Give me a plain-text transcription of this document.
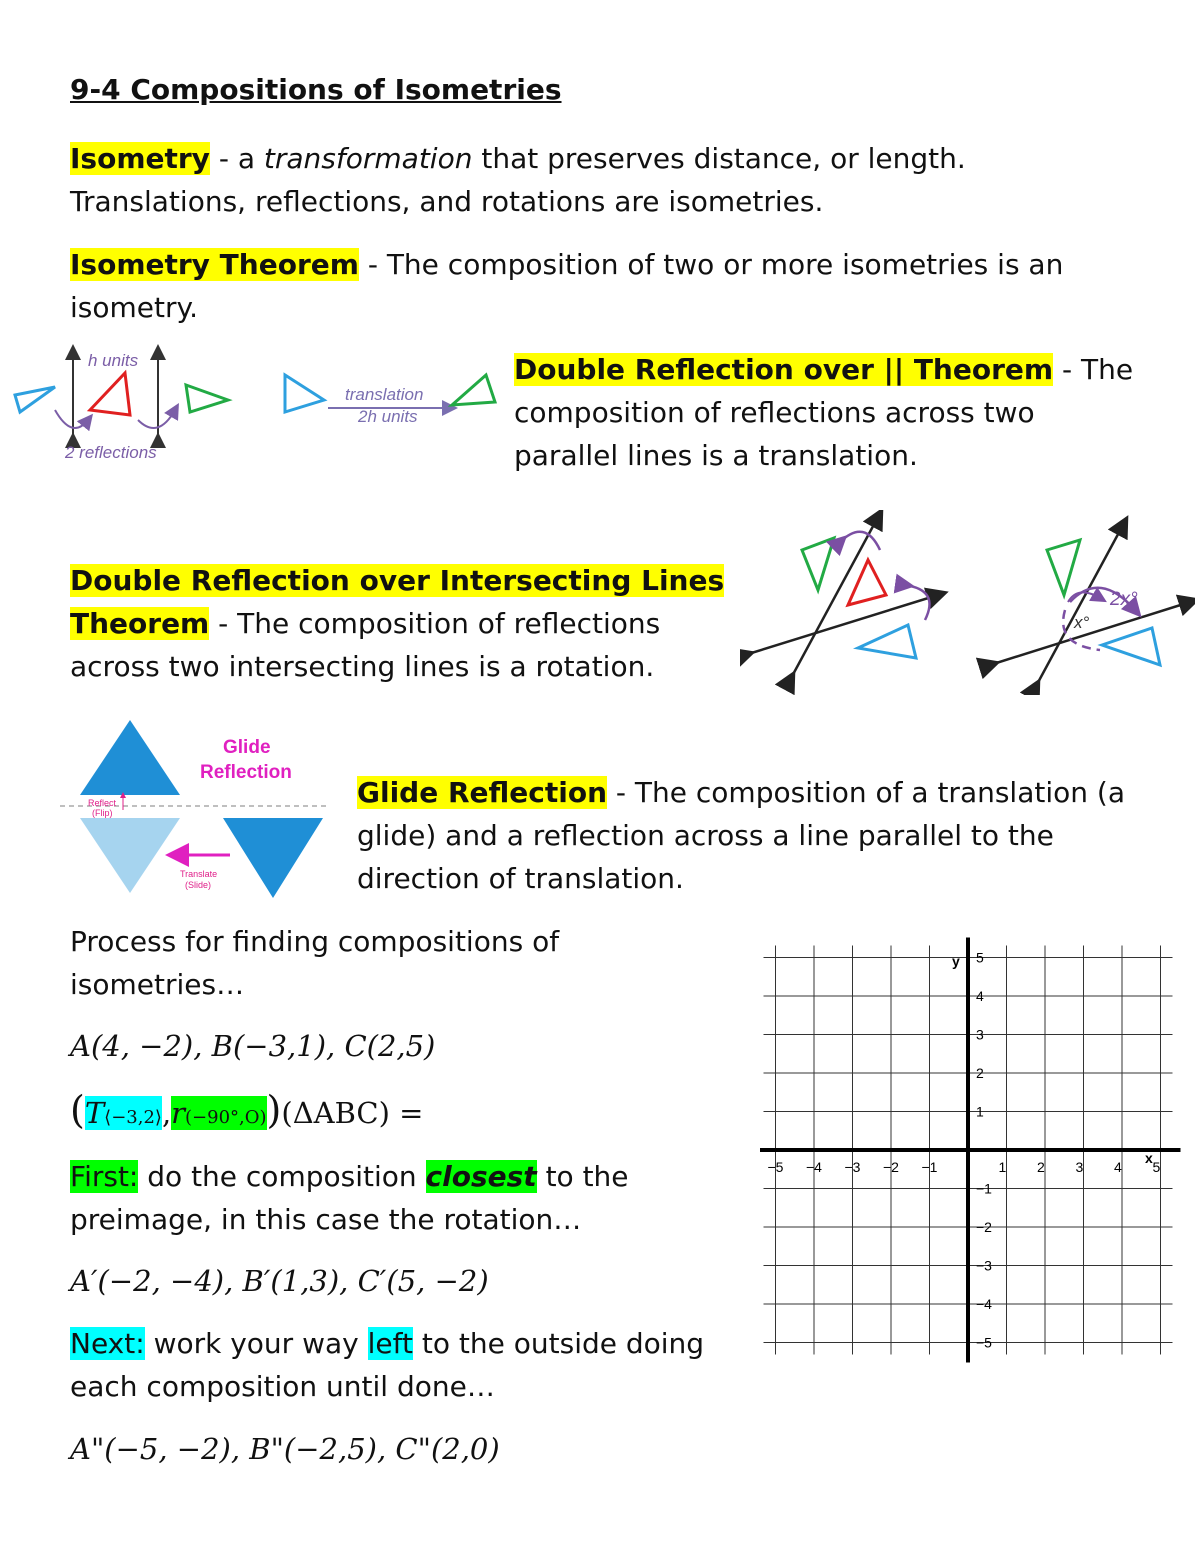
9-4 Compositions of Isometries
Isometry - a transformation that preserves distance, or length.
Translations, reflections, and rotations are isometries.
Isometry Theorem - The composition of two or more isometries is an
isometry.
h units
2 reflections
translation
2h units
Double Reflection over || Theorem - The
composition of reflections across two
parallel lines is a translation.
Double Reflection over Intersecting Lines
Theorem - The composition of reflections
across two intersecting lines is a rotation.
2x°
x°
Glide
Reflection
Reflect
(Flip)
Translate
(Slide)
Glide Reflection - The composition of a translation (a
glide) and a reflection across a line parallel to the
direction of translation.
Process for finding compositions of
isometries…
A(4, −2), B(−3,1), C(2,5)
(T⟨−3,2⟩,r(−90°,O))(ΔABC) =
First: do the composition closest to the
preimage, in this case the rotation…
A′(−2, −4), B′(1,3), C′(5, −2)
Next: work your way left to the outside doing
each composition until done…
A"(−5, −2), B"(−2,5), C"(2,0)
−5 −4 −3 −2 −1	1 2 3 4 5
5
4
3
2
1
−1
−2
−3
−4
−5
y
x
